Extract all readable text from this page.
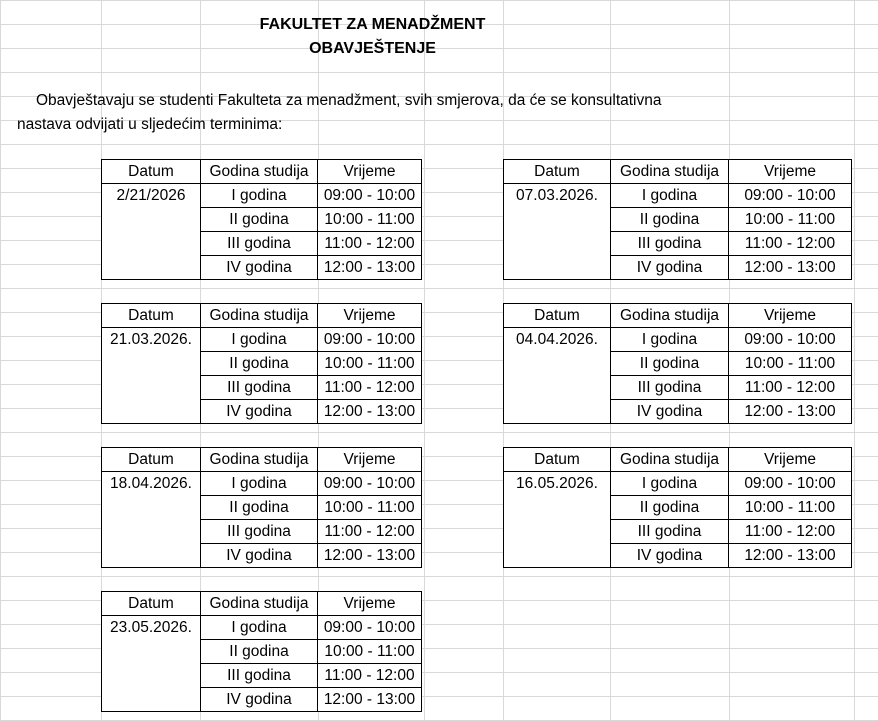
FAKULTET ZA MENADŽMENT
OBAVJEŠTENJE
Obavještavaju se studenti Fakulteta za menadžment, svih smjerova, da će se konsultativna
nastava odvijati u sljedećim terminima:
Datum	Godina studija	Vrijeme
2/21/2026	I godina	09:00 - 10:00
	II godina	10:00 - 11:00
	III godina	11:00 - 12:00
	IV godina	12:00 - 13:00
Datum	Godina studija	Vrijeme
07.03.2026.	I godina	09:00 - 10:00
	II godina	10:00 - 11:00
	III godina	11:00 - 12:00
	IV godina	12:00 - 13:00
Datum	Godina studija	Vrijeme
21.03.2026.	I godina	09:00 - 10:00
	II godina	10:00 - 11:00
	III godina	11:00 - 12:00
	IV godina	12:00 - 13:00
Datum	Godina studija	Vrijeme
04.04.2026.	I godina	09:00 - 10:00
	II godina	10:00 - 11:00
	III godina	11:00 - 12:00
	IV godina	12:00 - 13:00
Datum	Godina studija	Vrijeme
18.04.2026.	I godina	09:00 - 10:00
	II godina	10:00 - 11:00
	III godina	11:00 - 12:00
	IV godina	12:00 - 13:00
Datum	Godina studija	Vrijeme
16.05.2026.	I godina	09:00 - 10:00
	II godina	10:00 - 11:00
	III godina	11:00 - 12:00
	IV godina	12:00 - 13:00
Datum	Godina studija	Vrijeme
23.05.2026.	I godina	09:00 - 10:00
	II godina	10:00 - 11:00
	III godina	11:00 - 12:00
	IV godina	12:00 - 13:00
